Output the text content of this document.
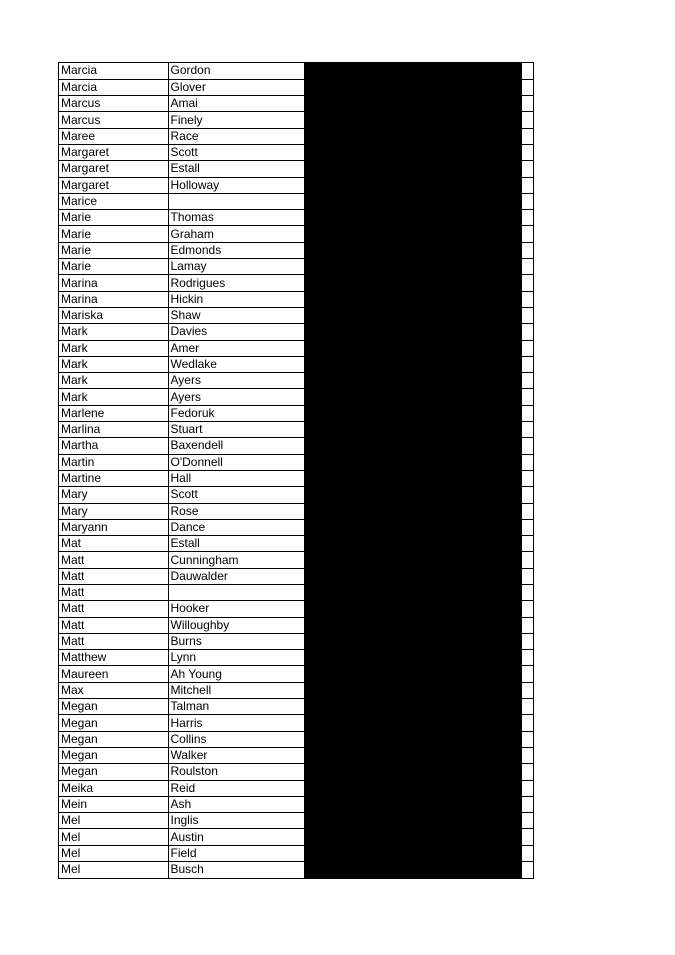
Marcia	Gordon		
Marcia	Glover		
Marcus	Amai		
Marcus	Finely		
Maree	Race		
Margaret	Scott		
Margaret	Estall		
Margaret	Holloway		
Marice			
Marie	Thomas		
Marie	Graham		
Marie	Edmonds		
Marie	Lamay		
Marina	Rodrigues		
Marina	Hickin		
Mariska	Shaw		
Mark	Davies		
Mark	Amer		
Mark	Wedlake		
Mark	Ayers		
Mark	Ayers		
Marlene	Fedoruk		
Marlina	Stuart		
Martha	Baxendell		
Martin	O'Donnell		
Martine	Hall		
Mary	Scott		
Mary	Rose		
Maryann	Dance		
Mat	Estall		
Matt	Cunningham		
Matt	Dauwalder		
Matt			
Matt	Hooker		
Matt	Willoughby		
Matt	Burns		
Matthew	Lynn		
Maureen	Ah Young		
Max	Mitchell		
Megan	Talman		
Megan	Harris		
Megan	Collins		
Megan	Walker		
Megan	Roulston		
Meika	Reid		
Mein	Ash		
Mel	Inglis		
Mel	Austin		
Mel	Field		
Mel	Busch		
